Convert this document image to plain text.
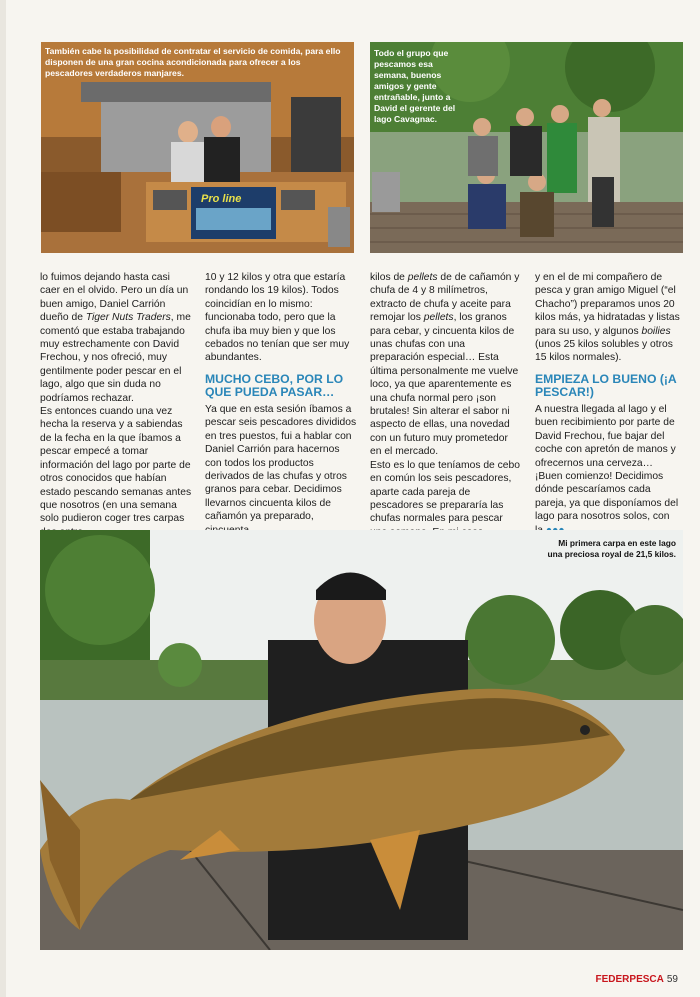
Pro line
También cabe la posibilidad de contratar el servicio de comida, para ello disponen de una gran cocina acondicionada para ofrecer a los pescadores verdaderos manjares.
Todo el grupo que pescamos esa semana, buenos amigos y gente entrañable, junto a David el gerente del lago Cavagnac.

lo fuimos dejando hasta casi caer en el olvido. Pero un día un buen amigo, Daniel Carrión dueño de Tiger Nuts Traders, me comentó que estaba trabajando muy estrechamente con David Frechou, y nos ofreció, muy gentilmente poder pescar en el lago, algo que sin duda no podríamos rechazar.

Es entonces cuando una vez hecha la reserva y a sabiendas de la fecha en la que íbamos a pescar empecé a tomar información del lago por parte de otros conocidos que habían estado pescando semanas antes que nosotros (en una semana solo pudieron coger tres carpas

10 y 12 kilos y otra que estaría rondando los 19 kilos). Todos coincidían en lo mismo: funcionaba todo, pero que la chufa iba muy bien y que los cebados no tenían que ser muy abundantes.

MUCHO CEBO, POR LO QUE PUEDA PASAR…

Ya que en esta sesión íbamos a pescar seis pescadores divididos en tres puestos, fui a hablar con Daniel Carrión para hacernos con todos los productos derivados de las chufas y otros granos para cebar. Decidimos llevarnos cincuenta kilos de cañamón ya preparado,

kilos de pellets de de cañamón y chufa de 4 y 8 milímetros, extracto de chufa y aceite para remojar los pellets, los granos para cebar, y cincuenta kilos de unas chufas con una preparación especial… Esta última personalmente me vuelve loco, ya que aparentemente es una chufa normal pero ¡son brutales! Sin alterar el sabor ni aspecto de ellas, una novedad con un futuro muy prometedor en el mercado.

Esto es lo que teníamos de cebo en común los seis pescadores, aparte cada pareja de pescadores se prepararía las chufas normales para pescar

y en el de mi compañero de pesca y gran amigo Miguel (“el Chacho”) preparamos unos 20 kilos más, ya hidratadas y listas para su uso, y algunos boilies (unos 25 kilos solubles y otros 15 kilos normales).

EMPIEZA LO BUENO (¡A PESCAR!)

A nuestra llegada al lago y el buen recibimiento por parte de David Frechou, fue bajar del coche con apretón de manos y ofrecernos una cerveza…¡Buen comienzo! Decidimos dónde pescaríamos cada pareja, ya que disponíamos del lago para nosotros solos, con

Mi primera carpa en este lago una preciosa royal de 21,5 kilos.
FEDERPESCA 59
